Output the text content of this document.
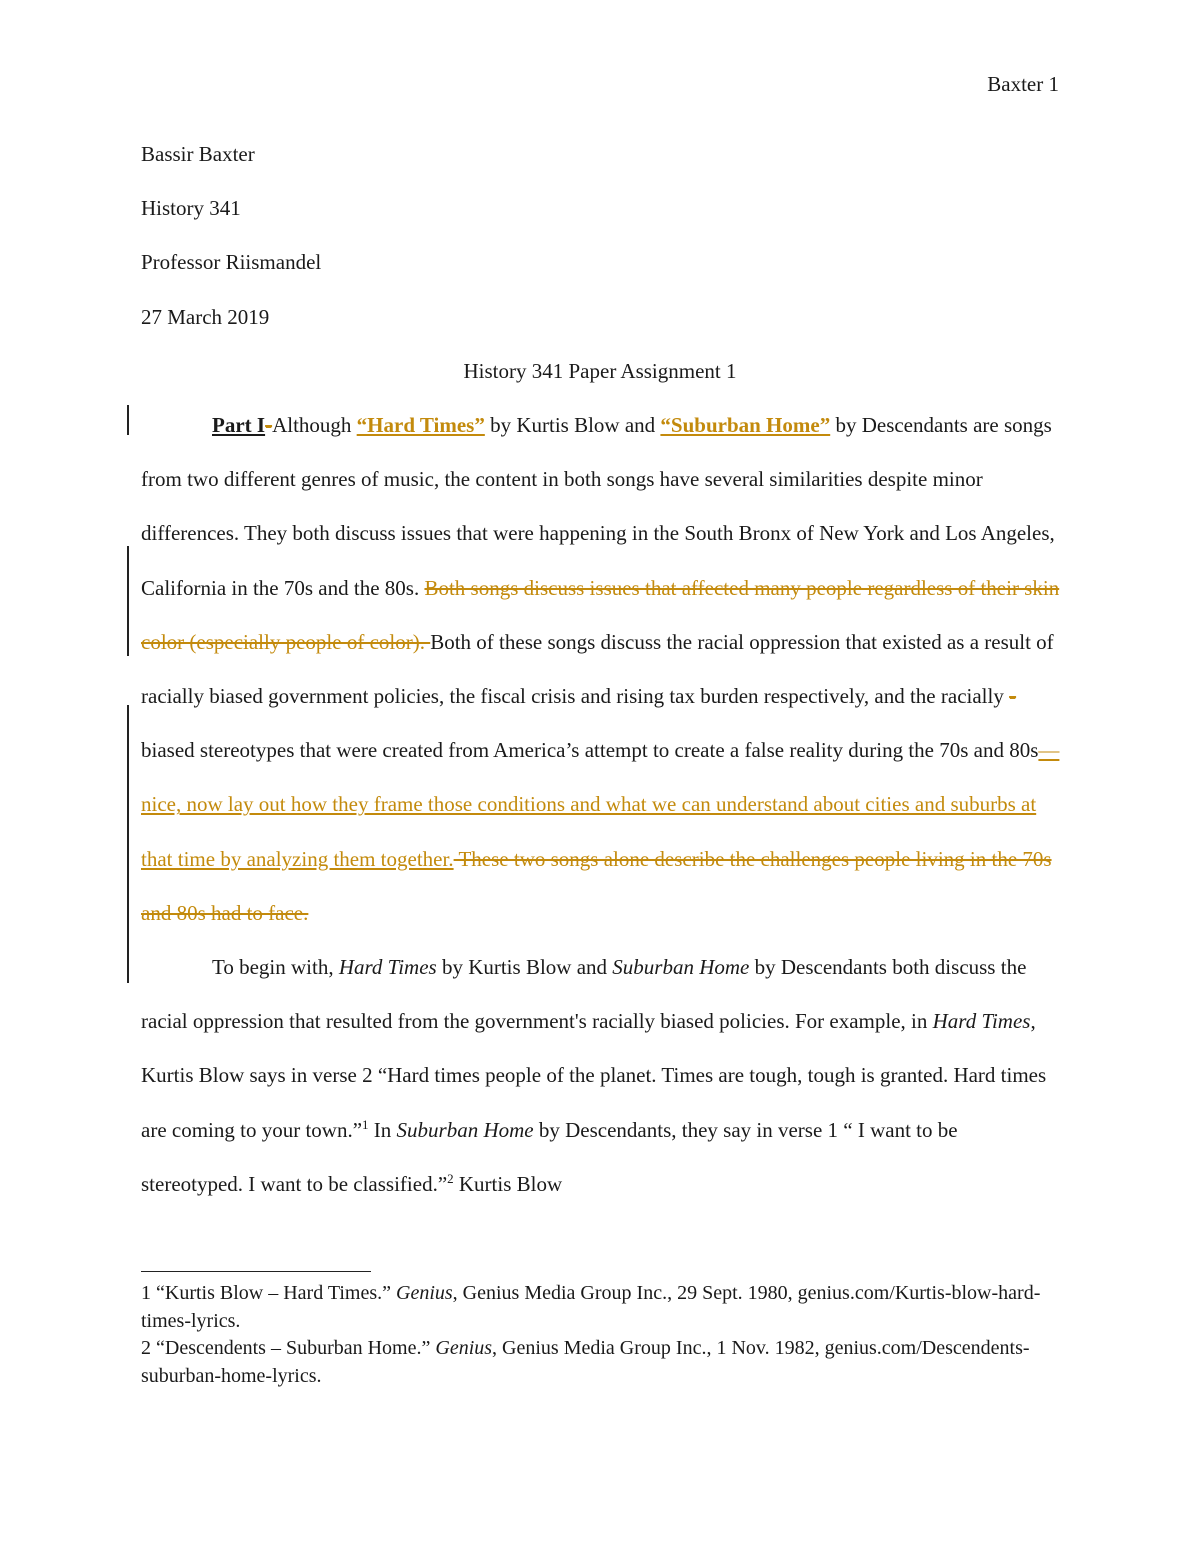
Baxter 1
Bassir Baxter
History 341
Professor Riismandel
27 March 2019
History 341 Paper Assignment 1

Part I-Although “Hard Times” by Kurtis Blow and “Suburban Home” by Descendants are songs from two different genres of music, the content in both songs have several similarities despite minor differences. They both discuss issues that were happening in the South Bronx of New York and Los Angeles, California in the 70s and the 80s. Both songs discuss issues that affected many people regardless of their skin color (especially people of color). Both of these songs discuss the racial oppression that existed as a result of racially biased government policies, the fiscal crisis and rising tax burden respectively, and the racially -biased stereotypes that were created from America’s attempt to create a false reality during the 70s and 80s—nice, now lay out how they frame those conditions and what we can understand about cities and suburbs at that time by analyzing them together. These two songs alone describe the challenges people living in the 70s and 80s had to face.

To begin with, Hard Times by Kurtis Blow and Suburban Home by Descendants both discuss the racial oppression that resulted from the government's racially biased policies. For example, in Hard Times, Kurtis Blow says in verse 2 “Hard times people of the planet. Times are tough, tough is granted. Hard times are coming to your town.”$^1$ In Suburban Home by Descendants, they say in verse 1 “ I want to be stereotyped. I want to be classified.”$^2$ Kurtis Blow

1 “Kurtis Blow – Hard Times.” Genius, Genius Media Group Inc., 29 Sept. 1980, genius.com/Kurtis-blow-hard-times-lyrics.

2 “Descendents – Suburban Home.” Genius, Genius Media Group Inc., 1 Nov. 1982, genius.com/Descendents-suburban-home-lyrics.
